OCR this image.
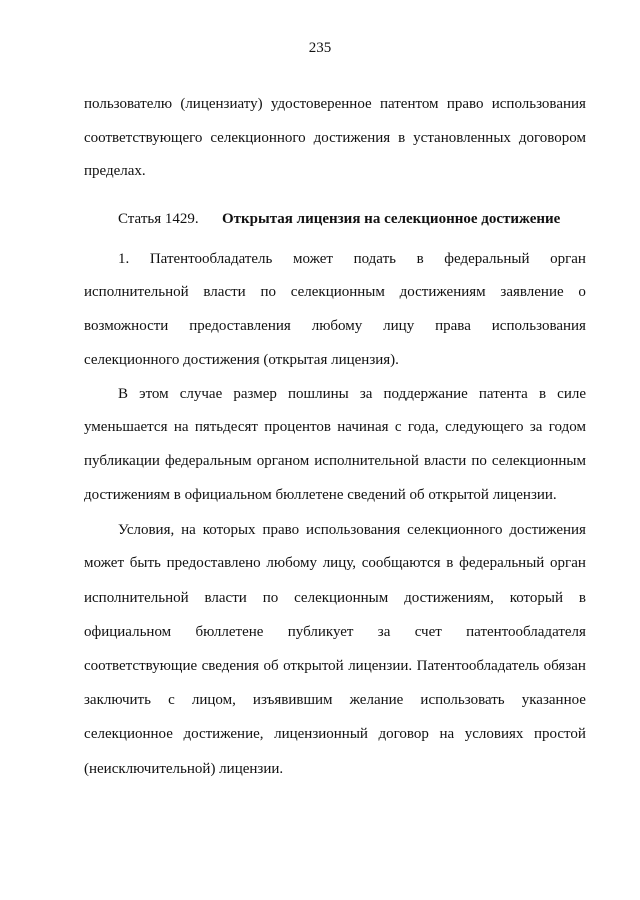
235
пользователю (лицензиату) удостоверенное патентом право использования
соответствующего селекционного достижения в установленных договором
пределах.
Статья 1429. Открытая лицензия на селекционное достижение
1. Патентообладатель может подать в федеральный орган
исполнительной власти по селекционным достижениям заявление о
возможности предоставления любому лицу права использования
селекционного достижения (открытая лицензия).
В этом случае размер пошлины за поддержание патента в силе
уменьшается на пятьдесят процентов начиная с года, следующего за годом
публикации федеральным органом исполнительной власти по селекционным
достижениям в официальном бюллетене сведений об открытой лицензии.
Условия, на которых право использования селекционного достижения
может быть предоставлено любому лицу, сообщаются в федеральный орган
исполнительной власти по селекционным достижениям, который в
официальном бюллетене публикует за счет патентообладателя
соответствующие сведения об открытой лицензии. Патентообладатель обязан
заключить с лицом, изъявившим желание использовать указанное
селекционное достижение, лицензионный договор на условиях простой
(неисключительной) лицензии.
